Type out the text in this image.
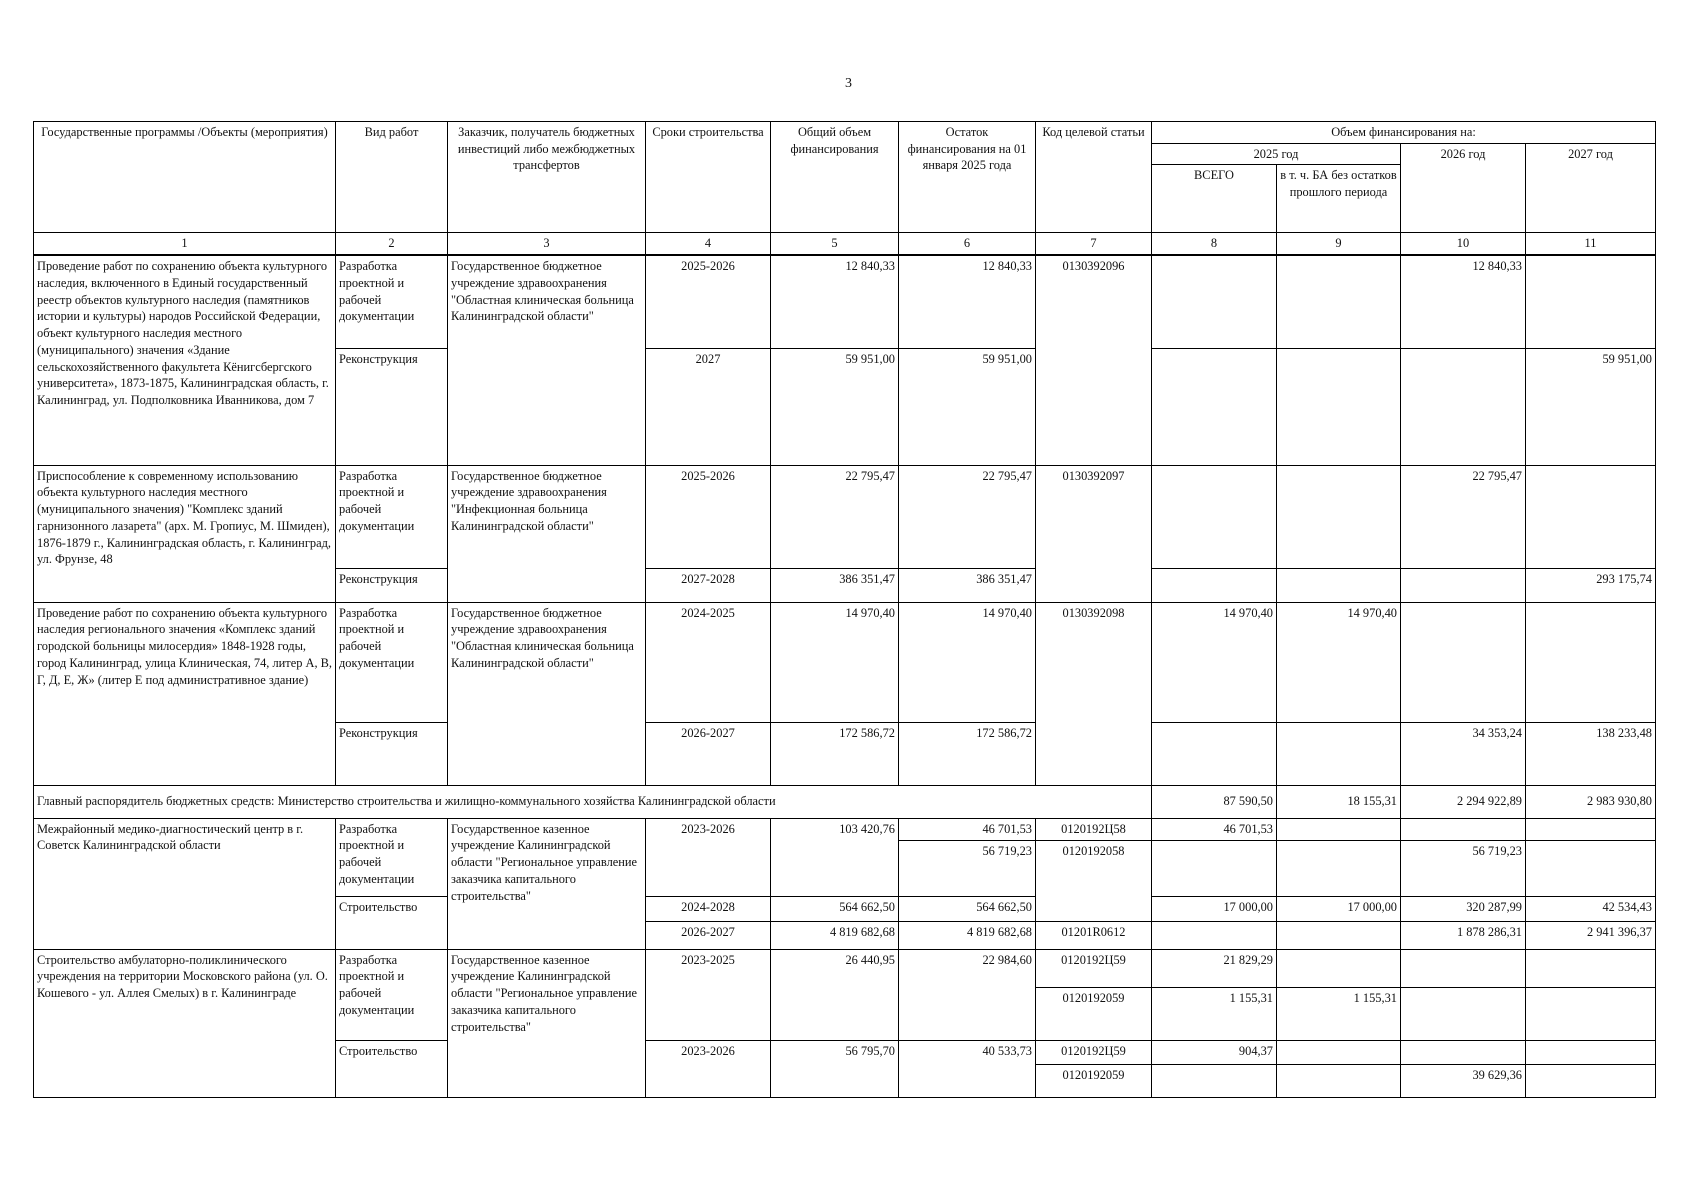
3
Государственные программы /Объекты (мероприятия)	Вид работ	Заказчик, получатель бюджетных инвестиций либо межбюджетных трансфертов	Сроки строительства	Общий объем финансирования	Остаток финансирования на 01 января 2025 года	Код целевой статьи	Объем финансирования на:			
							2025 год		2026 год	2027 год
							ВСЕГО	в т. ч. БА без остатков прошлого периода		
1	2	3	4	5	6	7	8	9	10	11
Проведение работ по сохранению объекта культурного наследия, включенного в Единый государственный реестр объектов культурного наследия (памятников истории и культуры) народов Российской Федерации, объект культурного наследия местного (муниципального) значения «Здание сельскохозяйственного факультета Кёнигсбергского университета», 1873-1875, Калининградская область, г. Калининград, ул. Подполковника Иванникова, дом 7	Разработка проектной и рабочей документации	Государственное бюджетное учреждение здравоохранения "Областная клиническая больница Калининградской области"	2025-2026	12 840,33	12 840,33	0130392096			12 840,33	
	Реконструкция		2027	59 951,00	59 951,00					59 951,00
Приспособление к современному использованию объекта культурного наследия местного (муниципального значения) "Комплекс зданий гарнизонного лазарета" (арх. М. Гропиус, М. Шмиден), 1876-1879 г., Калининградская область, г. Калининград, ул. Фрунзе, 48	Разработка проектной и рабочей документации	Государственное бюджетное учреждение здравоохранения "Инфекционная больница Калининградской области"	2025-2026	22 795,47	22 795,47	0130392097			22 795,47	
	Реконструкция		2027-2028	386 351,47	386 351,47					293 175,74
Проведение работ по сохранению объекта культурного наследия регионального значения «Комплекс зданий городской больницы милосердия» 1848-1928 годы, город Калининград, улица Клиническая, 74, литер А, В, Г, Д, Е, Ж» (литер Е под административное здание)	Разработка проектной и рабочей документации	Государственное бюджетное учреждение здравоохранения "Областная клиническая больница Калининградской области"	2024-2025	14 970,40	14 970,40	0130392098	14 970,40	14 970,40		
	Реконструкция		2026-2027	172 586,72	172 586,72				34 353,24	138 233,48
Главный распорядитель бюджетных средств: Министерство строительства и жилищно-коммунального хозяйства Калининградской области							87 590,50	18 155,31	2 294 922,89	2 983 930,80
Межрайонный медико-диагностический центр в г. Советск Калининградской области	Разработка проектной и рабочей документации	Государственное казенное учреждение Калининградской области "Региональное управление заказчика капитального строительства"	2023-2026	103 420,76	46 701,53	0120192Ц58	46 701,53			
					56 719,23	0120192058			56 719,23	
	Строительство		2024-2028	564 662,50	564 662,50		17 000,00	17 000,00	320 287,99	42 534,43
			2026-2027	4 819 682,68	4 819 682,68	01201R0612			1 878 286,31	2 941 396,37
Строительство амбулаторно-поликлинического учреждения на территории Московского района (ул. О. Кошевого - ул. Аллея Смелых) в г. Калининграде	Разработка проектной и рабочей документации	Государственное казенное учреждение Калининградской области "Региональное управление заказчика капитального строительства"	2023-2025	26 440,95	22 984,60	0120192Ц59	21 829,29			
						0120192059	1 155,31	1 155,31		
	Строительство		2023-2026	56 795,70	40 533,73	0120192Ц59	904,37			
						0120192059			39 629,36	
